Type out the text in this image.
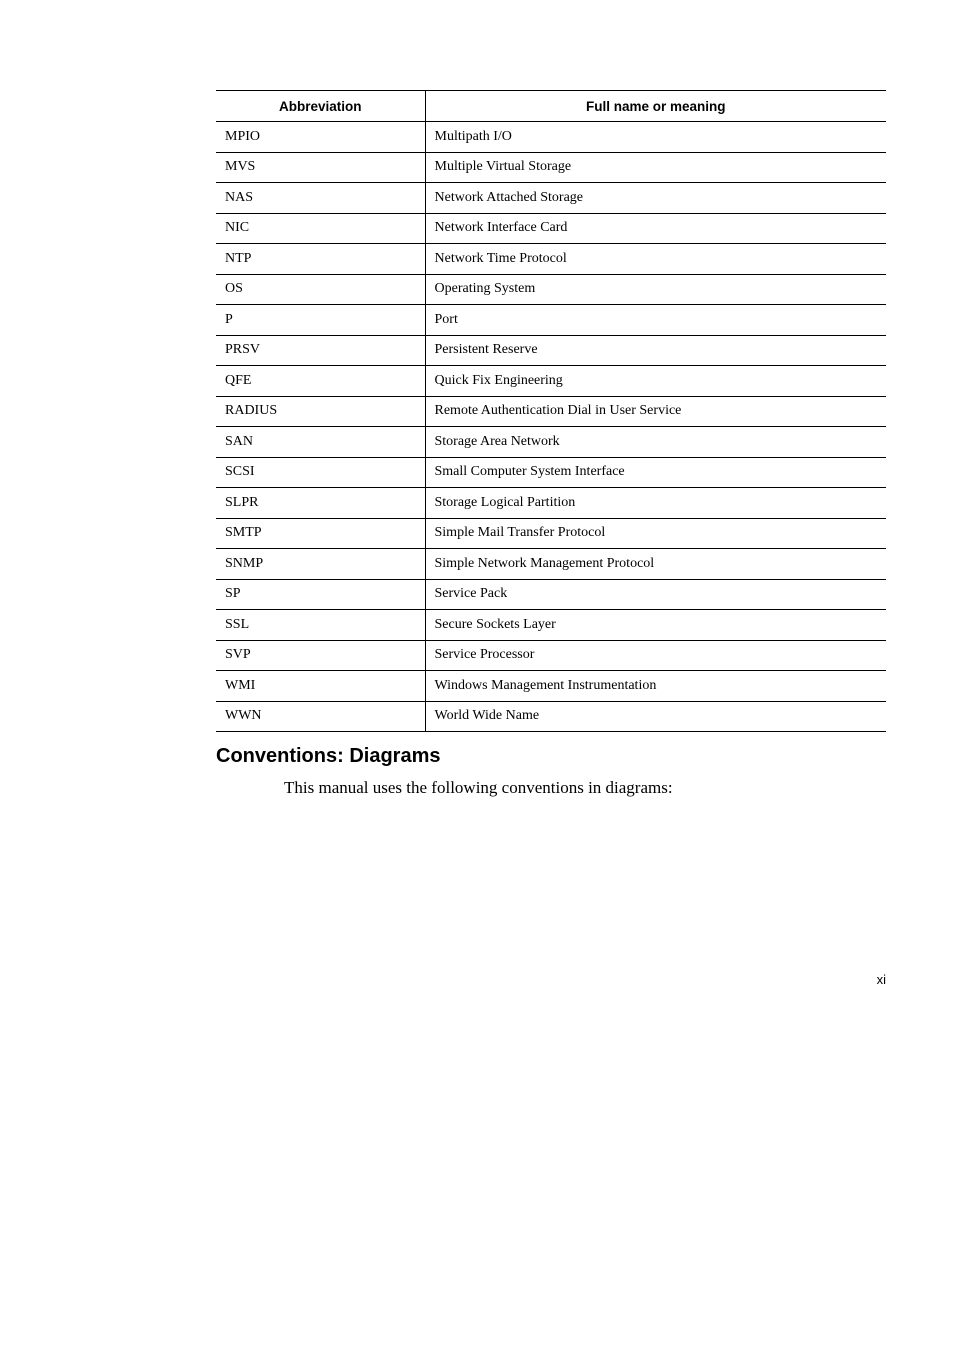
Abbreviation	Full name or meaning
MPIO	Multipath I/O
MVS	Multiple Virtual Storage
NAS	Network Attached Storage
NIC	Network Interface Card
NTP	Network Time Protocol
OS	Operating System
P	Port
PRSV	Persistent Reserve
QFE	Quick Fix Engineering
RADIUS	Remote Authentication Dial in User Service
SAN	Storage Area Network
SCSI	Small Computer System Interface
SLPR	Storage Logical Partition
SMTP	Simple Mail Transfer Protocol
SNMP	Simple Network Management Protocol
SP	Service Pack
SSL	Secure Sockets Layer
SVP	Service Processor
WMI	Windows Management Instrumentation
WWN	World Wide Name
Conventions: Diagrams

This manual uses the following conventions in diagrams:

xi
